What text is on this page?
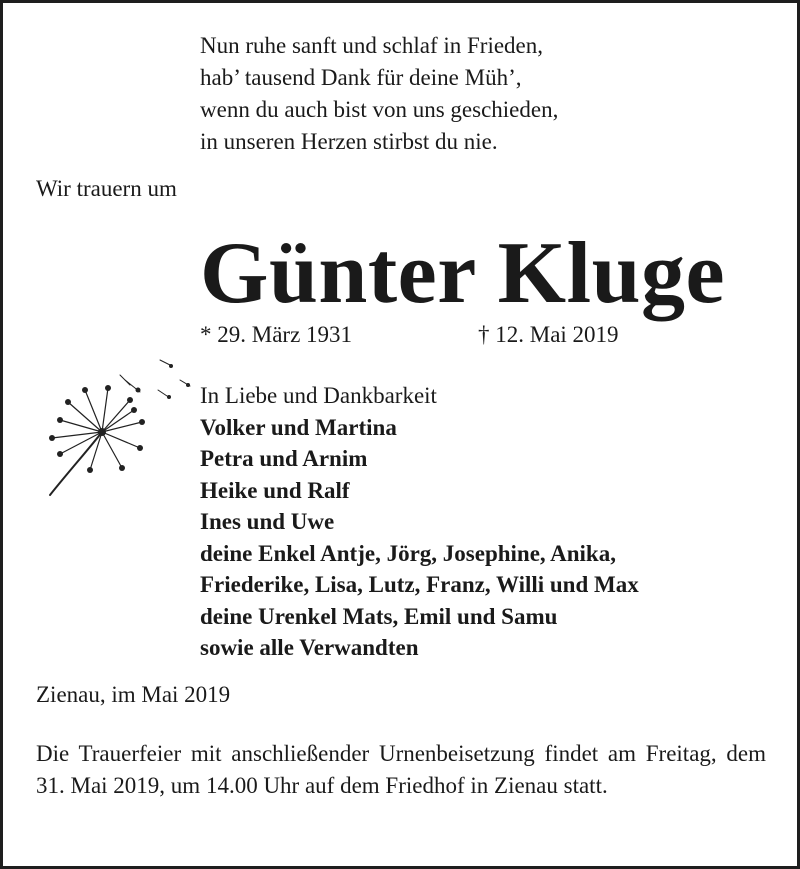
Nun ruhe sanft und schlaf in Frieden,
hab’ tausend Dank für deine Müh’,
wenn du auch bist von uns geschieden,
in unseren Herzen stirbst du nie.

Wir trauern um

Günter Kluge

* 29. März 1931	† 12. Mai 2019

In Liebe und Dankbarkeit
Volker und Martina
Petra und Arnim
Heike und Ralf
Ines und Uwe
deine Enkel Antje, Jörg, Josephine, Anika,
Friederike, Lisa, Lutz, Franz, Willi und Max
deine Urenkel Mats, Emil und Samu
sowie alle Verwandten

Zienau, im Mai 2019

Die Trauerfeier mit anschließender Urnenbeisetzung findet am Freitag, dem 31. Mai 2019, um 14.00 Uhr auf dem Friedhof in Zienau statt.
